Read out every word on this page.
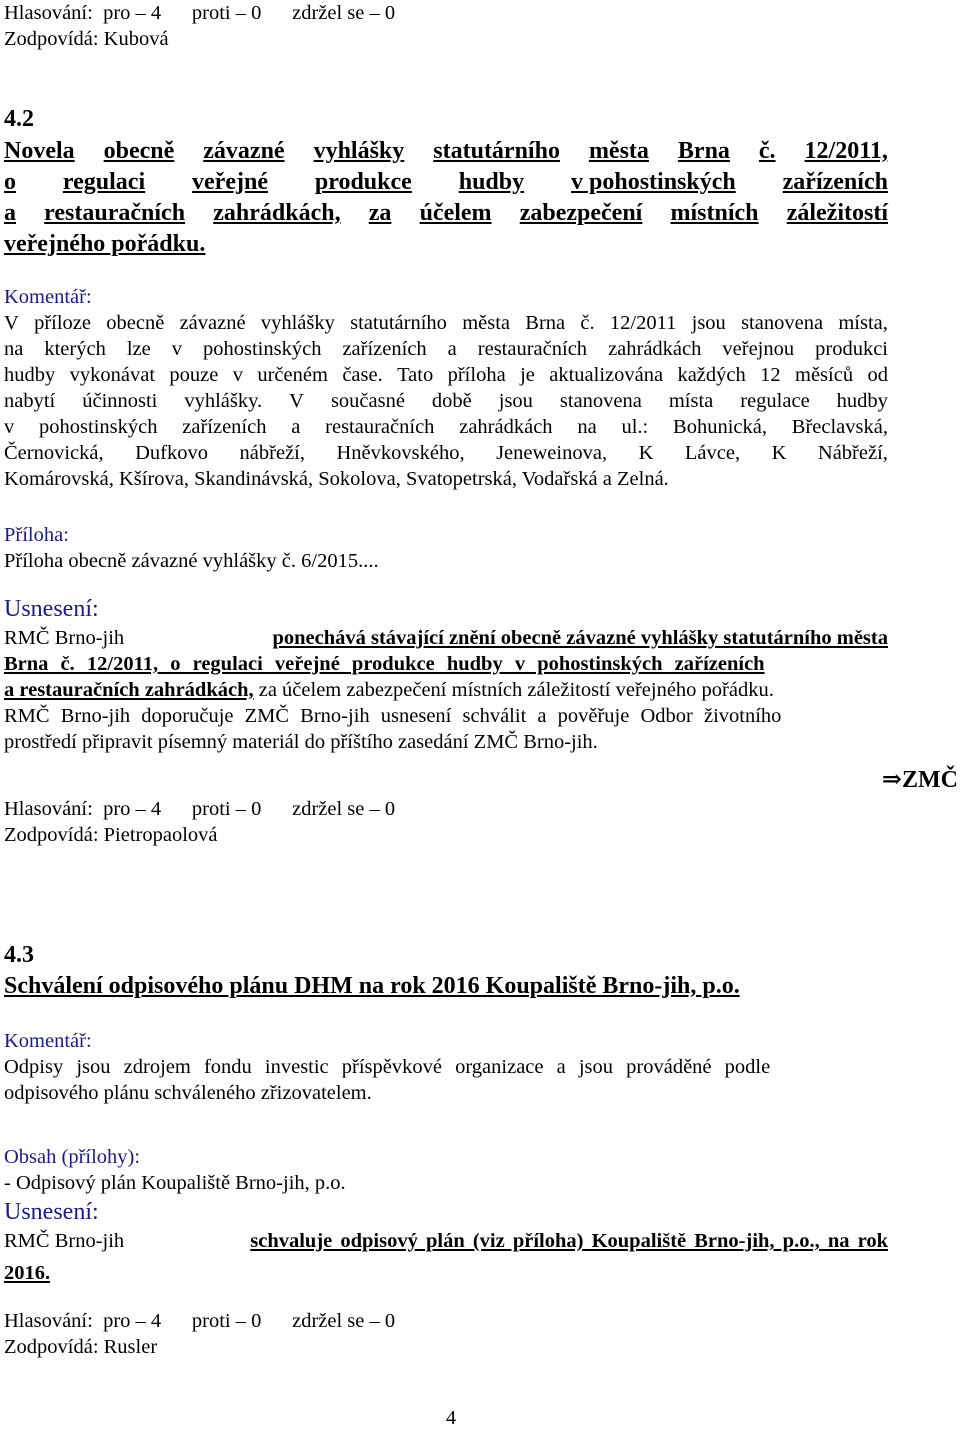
Hlasování:  pro – 4      proti – 0      zdržel se – 0
Zodpovídá: Kubová
4.2
Novela obecně závazné vyhlášky statutárního města Brna č. 12/2011,
o regulaci veřejné produkce hudby v pohostinských zařízeních
a restauračních zahrádkách, za účelem zabezpečení místních záležitostí
veřejného pořádku.
Komentář:
V příloze obecně závazné vyhlášky statutárního města Brna č. 12/2011 jsou stanovena místa,
na kterých lze v pohostinských zařízeních a restauračních zahrádkách veřejnou produkci
hudby vykonávat pouze v určeném čase. Tato příloha je aktualizována každých 12 měsíců od
nabytí účinnosti vyhlášky. V současné době jsou stanovena místa regulace hudby
v pohostinských zařízeních a restauračních zahrádkách na ul.: Bohunická, Břeclavská,
Černovická, Dufkovo nábřeží, Hněvkovského, Jeneweinova, K Lávce, K Nábřeží,
Komárovská, Kšírova, Skandinávská, Sokolova, Svatopetrská, Vodařská a Zelná.
Příloha:
Příloha obecně závazné vyhlášky č. 6/2015....
Usnesení:
RMČ Brno-jih	ponechává stávající znění obecně závazné vyhlášky statutárního města
Brna č. 12/2011, o regulaci veřejné produkce hudby v pohostinských zařízeních
a restauračních zahrádkách, za účelem zabezpečení místních záležitostí veřejného pořádku.
RMČ Brno-jih doporučuje ZMČ Brno-jih usnesení schválit a pověřuje Odbor životního
prostředí připravit písemný materiál do příštího zasedání ZMČ Brno-jih.
⇒ZMČ
Hlasování:  pro – 4      proti – 0      zdržel se – 0
Zodpovídá: Pietropaolová
4.3
Schválení odpisového plánu DHM na rok 2016 Koupaliště Brno-jih, p.o.
Komentář:
Odpisy jsou zdrojem fondu investic příspěvkové organizace a jsou prováděné podle
odpisového plánu schváleného zřizovatelem.
Obsah (přílohy):
- Odpisový plán Koupaliště Brno-jih, p.o.
Usnesení:
RMČ Brno-jih	schvaluje odpisový plán (viz příloha) Koupaliště Brno-jih, p.o., na rok
2016.
Hlasování:  pro – 4      proti – 0      zdržel se – 0
Zodpovídá: Rusler
4
